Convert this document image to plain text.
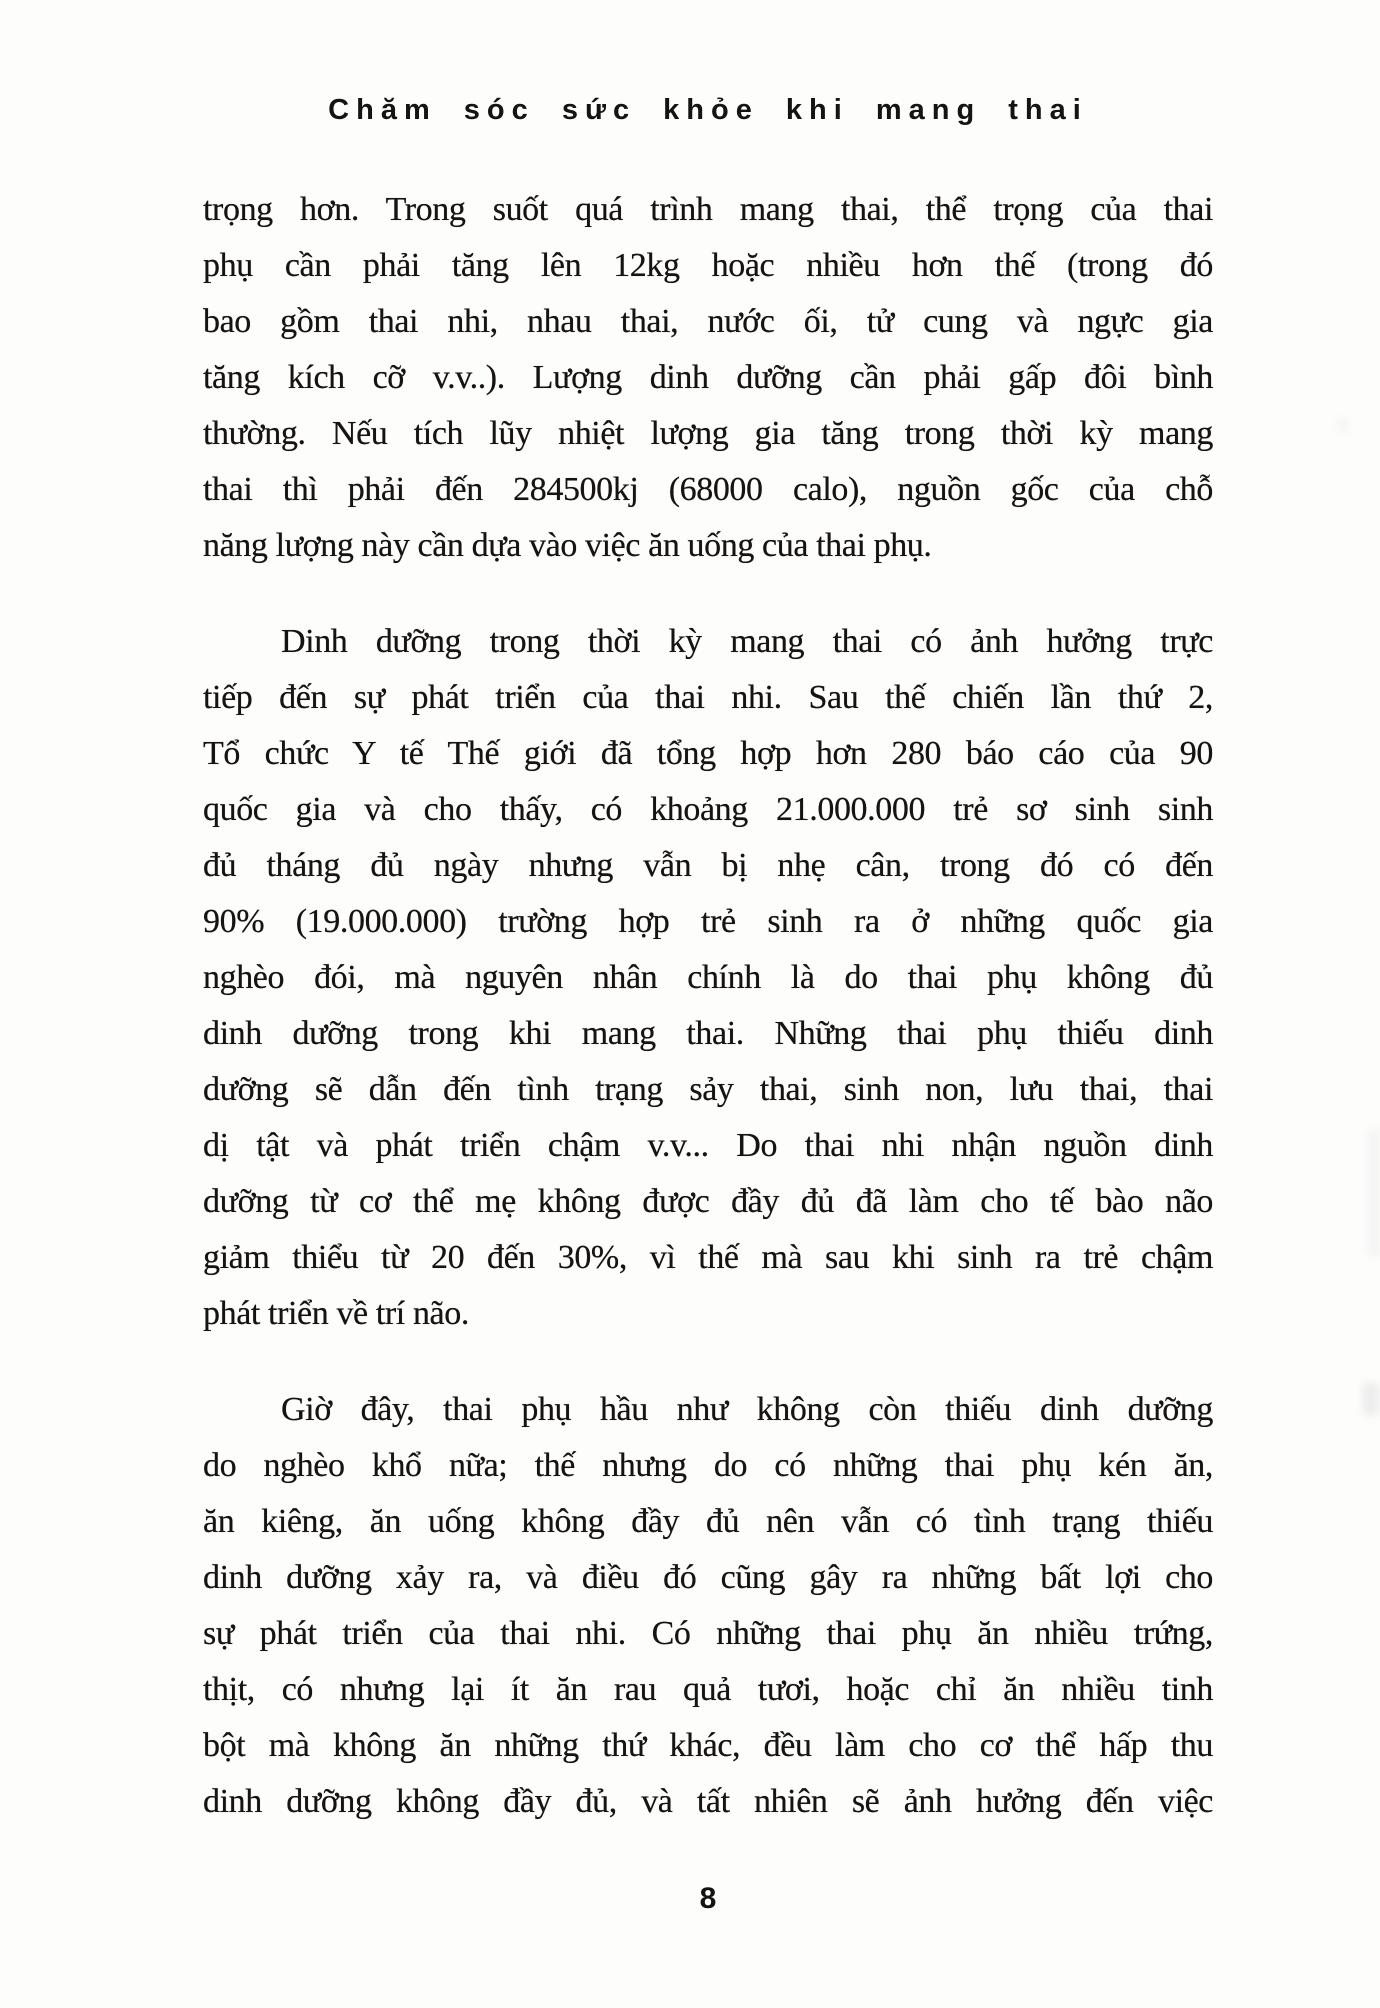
Chăm sóc sức khỏe khi mang thai
trọng hơn. Trong suốt quá trình mang thai, thể trọng của thai
phụ cần phải tăng lên 12kg hoặc nhiều hơn thế (trong đó
bao gồm thai nhi, nhau thai, nước ối, tử cung và ngực gia
tăng kích cỡ v.v..). Lượng dinh dưỡng cần phải gấp đôi bình
thường. Nếu tích lũy nhiệt lượng gia tăng trong thời kỳ mang
thai thì phải đến 284500kj (68000 calo), nguồn gốc của chỗ
năng lượng này cần dựa vào việc ăn uống của thai phụ.
Dinh dưỡng trong thời kỳ mang thai có ảnh hưởng trực
tiếp đến sự phát triển của thai nhi. Sau thế chiến lần thứ 2,
Tổ chức Y tế Thế giới đã tổng hợp hơn 280 báo cáo của 90
quốc gia và cho thấy, có khoảng 21.000.000 trẻ sơ sinh sinh
đủ tháng đủ ngày nhưng vẫn bị nhẹ cân, trong đó có đến
90% (19.000.000) trường hợp trẻ sinh ra ở những quốc gia
nghèo đói, mà nguyên nhân chính là do thai phụ không đủ
dinh dưỡng trong khi mang thai. Những thai phụ thiếu dinh
dưỡng sẽ dẫn đến tình trạng sảy thai, sinh non, lưu thai, thai
dị tật và phát triển chậm v.v... Do thai nhi nhận nguồn dinh
dưỡng từ cơ thể mẹ không được đầy đủ đã làm cho tế bào não
giảm thiểu từ 20 đến 30%, vì thế mà sau khi sinh ra trẻ chậm
phát triển về trí não.
Giờ đây, thai phụ hầu như không còn thiếu dinh dưỡng
do nghèo khổ nữa; thế nhưng do có những thai phụ kén ăn,
ăn kiêng, ăn uống không đầy đủ nên vẫn có tình trạng thiếu
dinh dưỡng xảy ra, và điều đó cũng gây ra những bất lợi cho
sự phát triển của thai nhi. Có những thai phụ ăn nhiều trứng,
thịt, có nhưng lại ít ăn rau quả tươi, hoặc chỉ ăn nhiều tinh
bột mà không ăn những thứ khác, đều làm cho cơ thể hấp thu
dinh dưỡng không đầy đủ, và tất nhiên sẽ ảnh hưởng đến việc
8
